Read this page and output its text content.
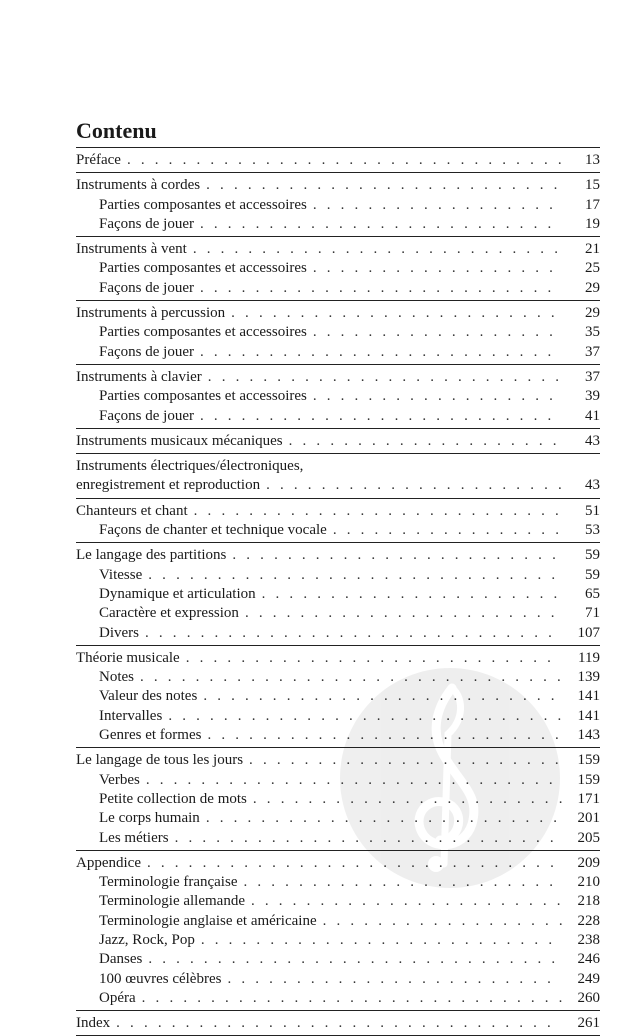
Contenu
Préface . . .	13
Instruments à cordes . . .	15
Parties composantes et accessoires . . .	17
Façons de jouer . . .	19
Instruments à vent . . .	21
Parties composantes et accessoires . . .	25
Façons de jouer . . .	29
Instruments à percussion . . .	29
Parties composantes et accessoires . . .	35
Façons de jouer . . .	37
Instruments à clavier . . .	37
Parties composantes et accessoires . . .	39
Façons de jouer . . .	41
Instruments musicaux mécaniques . . .	43
Instruments électriques/électroniques,
enregistrement et reproduction . . .	43
Chanteurs et chant . . .	51
Façons de chanter et technique vocale . . .	53
Le langage des partitions . . .	59
Vitesse . . .	59
Dynamique et articulation . . .	65
Caractère et expression . . .	71
Divers . . .	107
Théorie musicale . . .	119
Notes . . .	139
Valeur des notes . . .	141
Intervalles . . .	141
Genres et formes . . .	143
Le langage de tous les jours . . .	159
Verbes . . .	159
Petite collection de mots . . .	171
Le corps humain . . .	201
Les métiers . . .	205
Appendice . . .	209
Terminologie française . . .	210
Terminologie allemande . . .	218
Terminologie anglaise et américaine . . .	228
Jazz, Rock, Pop . . .	238
Danses . . .	246
100 œuvres célèbres . . .	249
Opéra . . .	260
Index . . .	261
